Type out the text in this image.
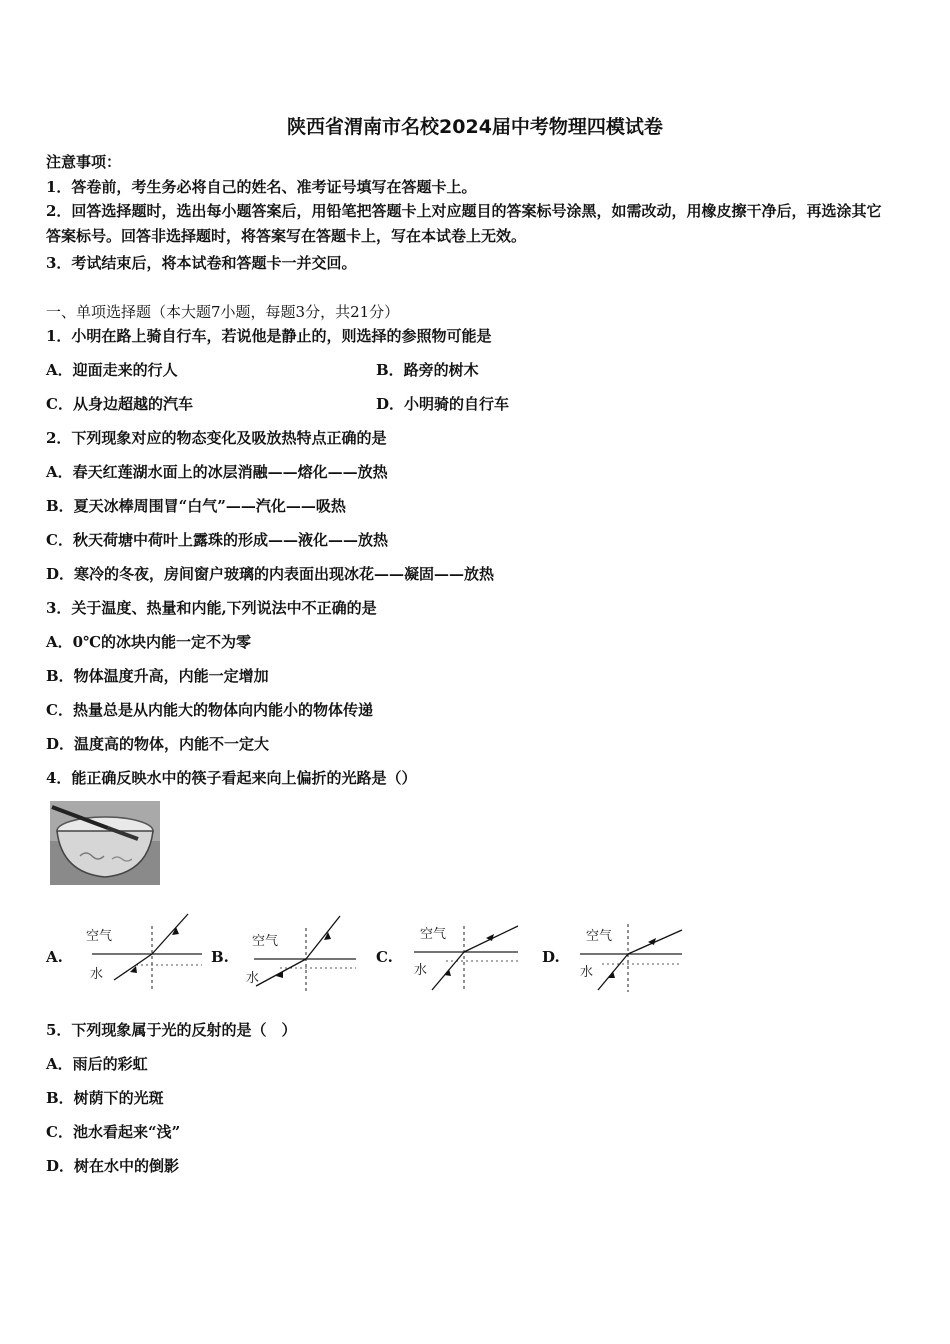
陕西省渭南市名校2024届中考物理四模试卷
注意事项：
1．答卷前，考生务必将自己的姓名、准考证号填写在答题卡上。
2．回答选择题时，选出每小题答案后，用铅笔把答题卡上对应题目的答案标号涂黑，如需改动，用橡皮擦干净后，再选涂其它答案标号。回答非选择题时，将答案写在答题卡上，写在本试卷上无效。
3．考试结束后，将本试卷和答题卡一并交回。
一、单项选择题（本大题7小题，每题3分，共21分）
1．小明在路上骑自行车，若说他是静止的，则选择的参照物可能是
A．迎面走来的行人	B．路旁的树木
C．从身边超越的汽车	D．小明骑的自行车
2．下列现象对应的物态变化及吸放热特点正确的是
A．春天红莲湖水面上的冰层消融——熔化——放热
B．夏天冰棒周围冒“白气”——汽化——吸热
C．秋天荷塘中荷叶上露珠的形成——液化——放热
D．寒冷的冬夜，房间窗户玻璃的内表面出现冰花——凝固——放热
3．关于温度、热量和内能,下列说法中不正确的是
A．0℃的冰块内能一定不为零
B．物体温度升高，内能一定增加
C．热量总是从内能大的物体向内能小的物体传递
D．温度高的物体，内能不一定大
4．能正确反映水中的筷子看起来向上偏折的光路是（）
A.
空气
水
B.
空气
水
C.
空气
水
D.
空气
水
5．下列现象属于光的反射的是（　）
A．雨后的彩虹
B．树荫下的光斑
C．池水看起来“浅”
D．树在水中的倒影
